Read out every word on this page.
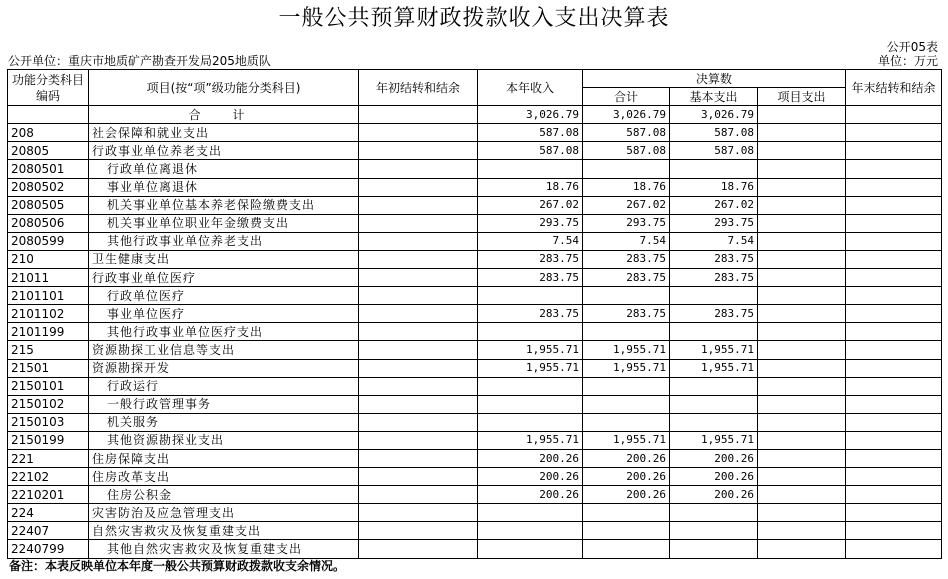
一般公共预算财政拨款收入支出决算表
公开05表
公开单位：重庆市地质矿产勘查开发局205地质队	单位：万元
功能分类科目编码	项目(按“项”级功能分类科目)	年初结转和结余	本年收入	决算数			年末结转和结余
				合计	基本支出	项目支出	
	合 计		3,026.79	3,026.79	3,026.79		
208	社会保障和就业支出		587.08	587.08	587.08		
20805	行政事业单位养老支出		587.08	587.08	587.08		
2080501	行政单位离退休						
2080502	事业单位离退休		18.76	18.76	18.76		
2080505	机关事业单位基本养老保险缴费支出		267.02	267.02	267.02		
2080506	机关事业单位职业年金缴费支出		293.75	293.75	293.75		
2080599	其他行政事业单位养老支出		7.54	7.54	7.54		
210	卫生健康支出		283.75	283.75	283.75		
21011	行政事业单位医疗		283.75	283.75	283.75		
2101101	行政单位医疗						
2101102	事业单位医疗		283.75	283.75	283.75		
2101199	其他行政事业单位医疗支出						
215	资源勘探工业信息等支出		1,955.71	1,955.71	1,955.71		
21501	资源勘探开发		1,955.71	1,955.71	1,955.71		
2150101	行政运行						
2150102	一般行政管理事务						
2150103	机关服务						
2150199	其他资源勘探业支出		1,955.71	1,955.71	1,955.71		
221	住房保障支出		200.26	200.26	200.26		
22102	住房改革支出		200.26	200.26	200.26		
2210201	住房公积金		200.26	200.26	200.26		
224	灾害防治及应急管理支出						
22407	自然灾害救灾及恢复重建支出						
2240799	其他自然灾害救灾及恢复重建支出						
备注：本表反映单位本年度一般公共预算财政拨款收支余情况。
